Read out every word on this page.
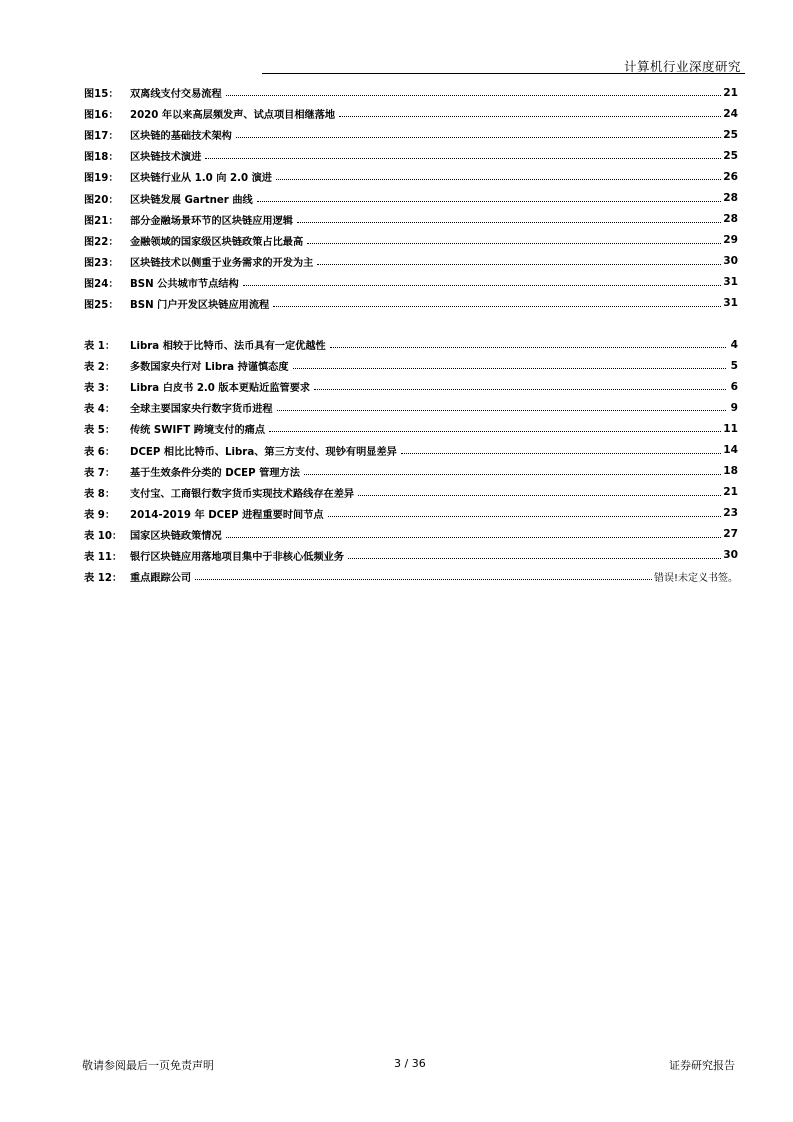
计算机行业深度研究
图15：	双离线支付交易流程	21
图16：	2020 年以来高层频发声、试点项目相继落地	24
图17：	区块链的基础技术架构	25
图18：	区块链技术演进	25
图19：	区块链行业从 1.0 向 2.0 演进	26
图20：	区块链发展 Gartner 曲线	28
图21：	部分金融场景环节的区块链应用逻辑	28
图22：	金融领域的国家级区块链政策占比最高	29
图23：	区块链技术以侧重于业务需求的开发为主	30
图24：	BSN 公共城市节点结构	31
图25：	BSN 门户开发区块链应用流程	31
表 1：	Libra 相较于比特币、法币具有一定优越性	4
表 2：	多数国家央行对 Libra 持谨慎态度	5
表 3：	Libra 白皮书 2.0 版本更贴近监管要求	6
表 4：	全球主要国家央行数字货币进程	9
表 5：	传统 SWIFT 跨境支付的痛点	11
表 6：	DCEP 相比比特币、Libra、第三方支付、现钞有明显差异	14
表 7：	基于生效条件分类的 DCEP 管理方法	18
表 8：	支付宝、工商银行数字货币实现技术路线存在差异	21
表 9：	2014-2019 年 DCEP 进程重要时间节点	23
表 10： 国家区块链政策情况	27
表 11： 银行区块链应用落地项目集中于非核心低频业务	30
表 12： 重点跟踪公司	错误!未定义书签。
敬请参阅最后一页免责声明	3 / 36	证券研究报告
